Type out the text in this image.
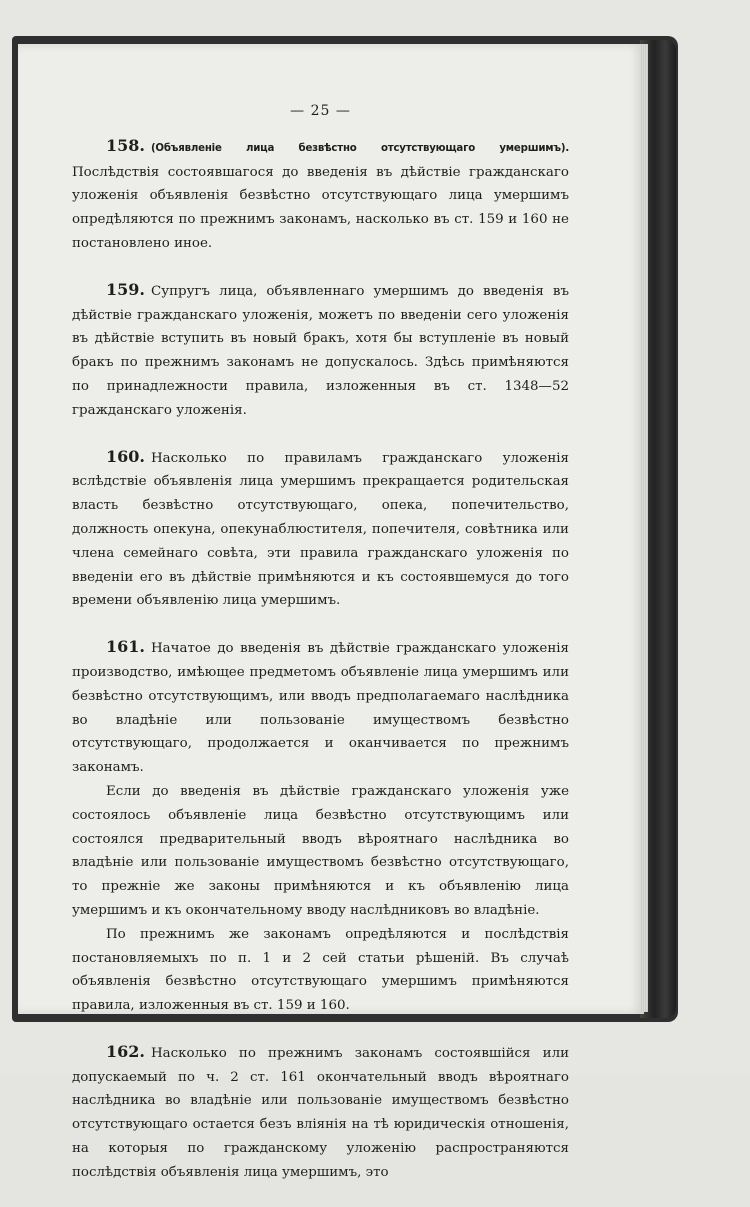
— 25 —

158. (Объявленіе лица безвѣстно отсутствующаго умершимъ). Послѣдствія состоявшагося до введенія въ дѣйствіе гражданскаго уложенія объявленія безвѣстно отсутствующаго лица умершимъ опредѣляются по прежнимъ законамъ, насколько въ ст. 159 и 160 не постановлено иное.

159. Супругъ лица, объявленнаго умершимъ до введенія въ дѣйствіе гражданскаго уложенія, можетъ по введеніи сего уложенія въ дѣйствіе вступить въ новый бракъ, хотя бы вступленіе въ новый бракъ по прежнимъ законамъ не допускалось. Здѣсь примѣняются по принадлежности правила, изложенныя въ ст. 1348—52 гражданскаго уложенія.

160. Насколько по правиламъ гражданскаго уложенія вслѣдствіе объявленія лица умершимъ прекращается родительская власть безвѣстно отсутствующаго, опека, попечительство, должность опекуна, опекунаблюстителя, попечителя, совѣтника или члена семейнаго совѣта, эти правила гражданскаго уложенія по введеніи его въ дѣйствіе примѣняются и къ состоявшемуся до того времени объявленію лица умершимъ.

161. Начатое до введенія въ дѣйствіе гражданскаго уложенія производство, имѣющее предметомъ объявленіе лица умершимъ или безвѣстно отсутствующимъ, или вводъ предполагаемаго наслѣдника во владѣніе или пользованіе имуществомъ безвѣстно отсутствующаго, продолжается и оканчивается по прежнимъ законамъ.

Если до введенія въ дѣйствіе гражданскаго уложенія уже состоялось объявленіе лица безвѣстно отсутствующимъ или состоялся предварительный вводъ вѣроятнаго наслѣдника во владѣніе или пользованіе имуществомъ безвѣстно отсутствующаго, то прежніе же законы примѣняются и къ объявленію лица умершимъ и къ окончательному вводу наслѣдниковъ во владѣніе.

По прежнимъ же законамъ опредѣляются и послѣдствія постановляемыхъ по п. 1 и 2 сей статьи рѣшеній. Въ случаѣ объявленія безвѣстно отсутствующаго умершимъ примѣняются правила, изложенныя въ ст. 159 и 160.

162. Насколько по прежнимъ законамъ состоявшійся или допускаемый по ч. 2 ст. 161 окончательный вводъ вѣроятнаго наслѣдника во владѣніе или пользованіе имуществомъ безвѣстно отсутствующаго остается безъ вліянія на тѣ юридическія отношенія, на которыя по гражданскому уложенію распространяются послѣдствія объявленія лица умершимъ, это
